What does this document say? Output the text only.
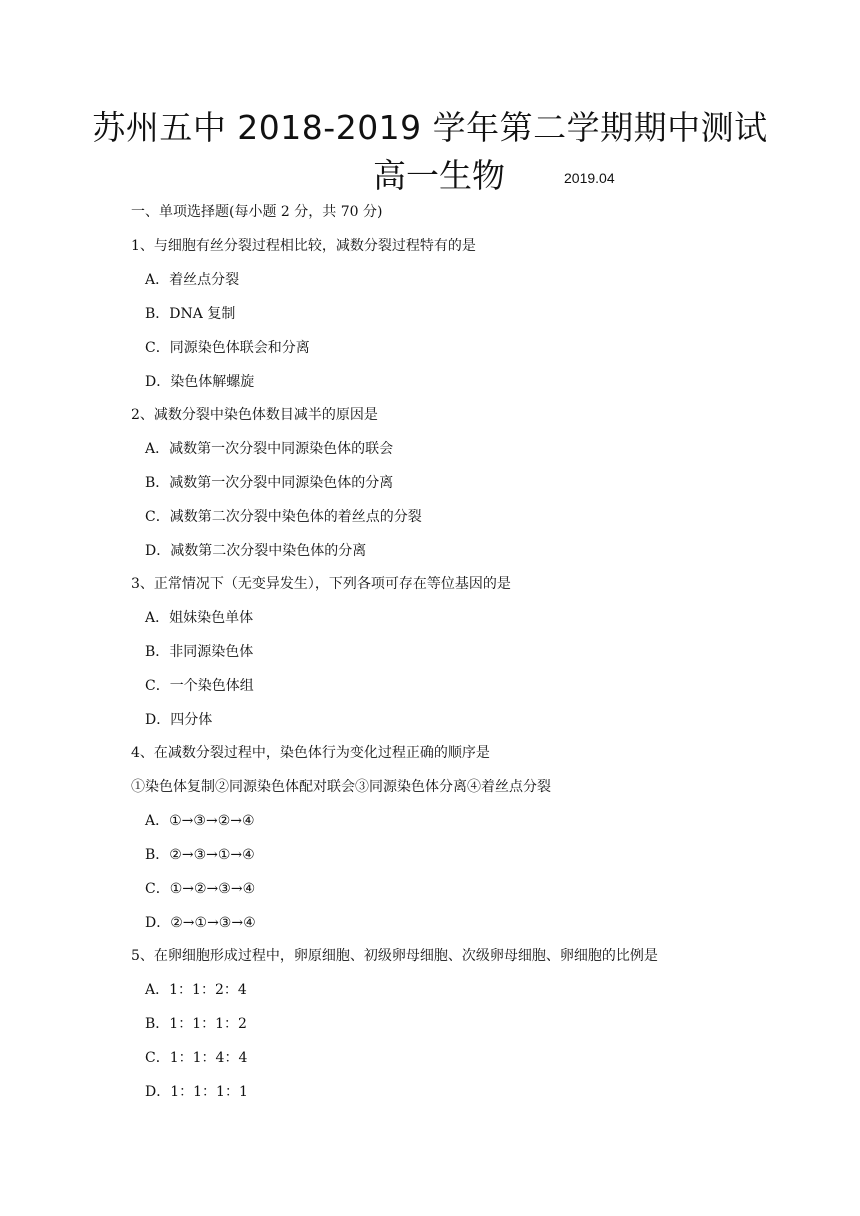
苏州五中 2018-2019 学年第二学期期中测试
高一生物	2019.04
一、单项选择题(每小题 2 分，共 70 分)
1、与细胞有丝分裂过程相比较，减数分裂过程特有的是
A．着丝点分裂
B．DNA 复制
C．同源染色体联会和分离
D．染色体解螺旋
2、减数分裂中染色体数目减半的原因是
A．减数第一次分裂中同源染色体的联会
B．减数第一次分裂中同源染色体的分离
C．减数第二次分裂中染色体的着丝点的分裂
D．减数第二次分裂中染色体的分离
3、正常情况下（无变异发生），下列各项可存在等位基因的是
A．姐妹染色单体
B．非同源染色体
C．一个染色体组
D．四分体
4、在减数分裂过程中，染色体行为变化过程正确的顺序是
①染色体复制②同源染色体配对联会③同源染色体分离④着丝点分裂
A．①→③→②→④
B．②→③→①→④
C．①→②→③→④
D．②→①→③→④
5、在卵细胞形成过程中，卵原细胞、初级卵母细胞、次级卵母细胞、卵细胞的比例是
A．1：1：2：4
B．1：1：1：2
C．1：1：4：4
D．1：1：1：1
